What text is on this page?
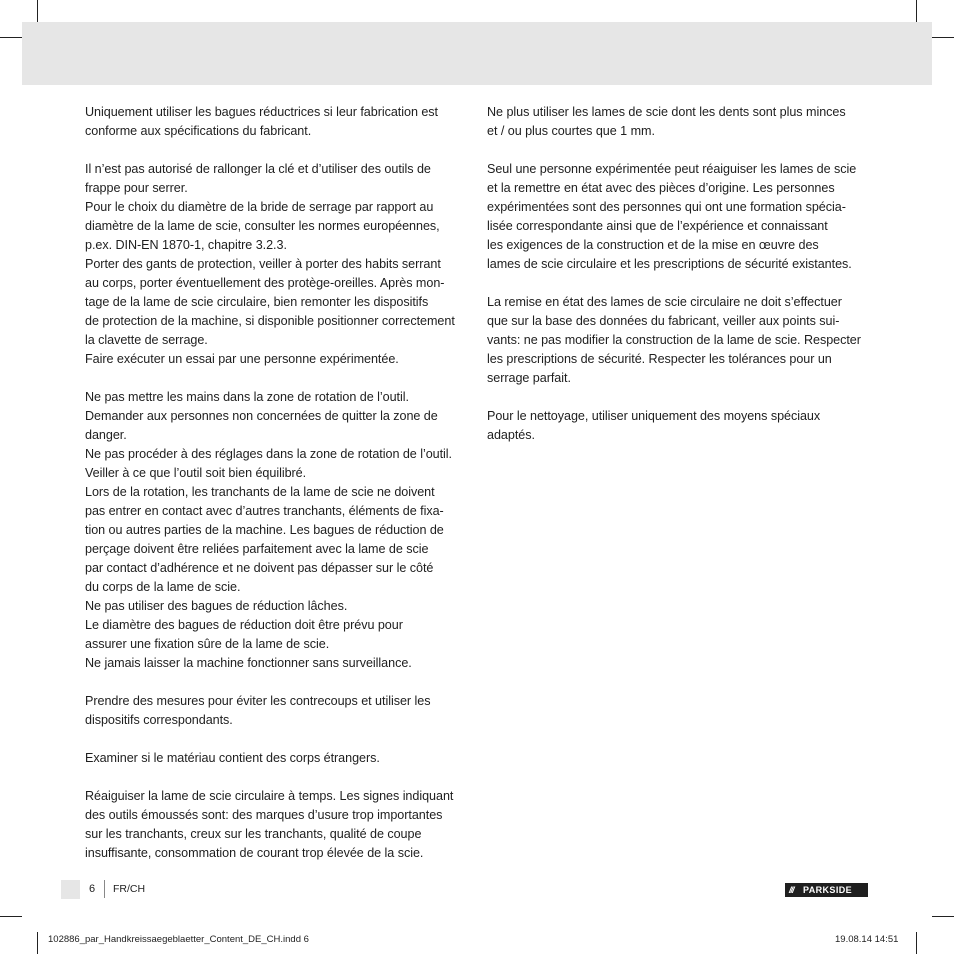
Uniquement utiliser les bagues réductrices si leur fabrication est
conforme aux spécifications du fabricant.
Il n’est pas autorisé de rallonger la clé et d’utiliser des outils de
frappe pour serrer.
Pour le choix du diamètre de la bride de serrage par rapport au
diamètre de la lame de scie, consulter les normes européennes,
p.ex. DIN-EN 1870-1, chapitre 3.2.3.
Porter des gants de protection, veiller à porter des habits serrant
au corps, porter éventuellement des protège-oreilles. Après mon-
tage de la lame de scie circulaire, bien remonter les dispositifs
de protection de la machine, si disponible positionner correctement
la clavette de serrage.
Faire exécuter un essai par une personne expérimentée.
Ne pas mettre les mains dans la zone de rotation de l’outil.
Demander aux personnes non concernées de quitter la zone de
danger.
Ne pas procéder à des réglages dans la zone de rotation de l’outil.
Veiller à ce que l’outil soit bien équilibré.
Lors de la rotation, les tranchants de la lame de scie ne doivent
pas entrer en contact avec d’autres tranchants, éléments de fixa-
tion ou autres parties de la machine. Les bagues de réduction de
perçage doivent être reliées parfaitement avec la lame de scie
par contact d’adhérence et ne doivent pas dépasser sur le côté
du corps de la lame de scie.
Ne pas utiliser des bagues de réduction lâches.
Le diamètre des bagues de réduction doit être prévu pour
assurer une fixation sûre de la lame de scie.
Ne jamais laisser la machine fonctionner sans surveillance.
Prendre des mesures pour éviter les contrecoups et utiliser les
dispositifs correspondants.
Examiner si le matériau contient des corps étrangers.
Réaiguiser la lame de scie circulaire à temps. Les signes indiquant
des outils émoussés sont: des marques d’usure trop importantes
sur les tranchants, creux sur les tranchants, qualité de coupe
insuffisante, consommation de courant trop élevée de la scie.
Ne plus utiliser les lames de scie dont les dents sont plus minces
et / ou plus courtes que 1 mm.
Seul une personne expérimentée peut réaiguiser les lames de scie
et la remettre en état avec des pièces d’origine. Les personnes
expérimentées sont des personnes qui ont une formation spécia-
lisée correspondante ainsi que de l’expérience et connaissant
les exigences de la construction et de la mise en œuvre des
lames de scie circulaire et les prescriptions de sécurité existantes.
La remise en état des lames de scie circulaire ne doit s’effectuer
que sur la base des données du fabricant, veiller aux points sui-
vants: ne pas modifier la construction de la lame de scie. Respecter
les prescriptions de sécurité. Respecter les tolérances pour un
serrage parfait.
Pour le nettoyage, utiliser uniquement des moyens spéciaux
adaptés.
6 FR/CH	///	PARKSIDE
102886_par_Handkreissaegeblaetter_Content_DE_CH.indd 6	19.08.14 14:51
